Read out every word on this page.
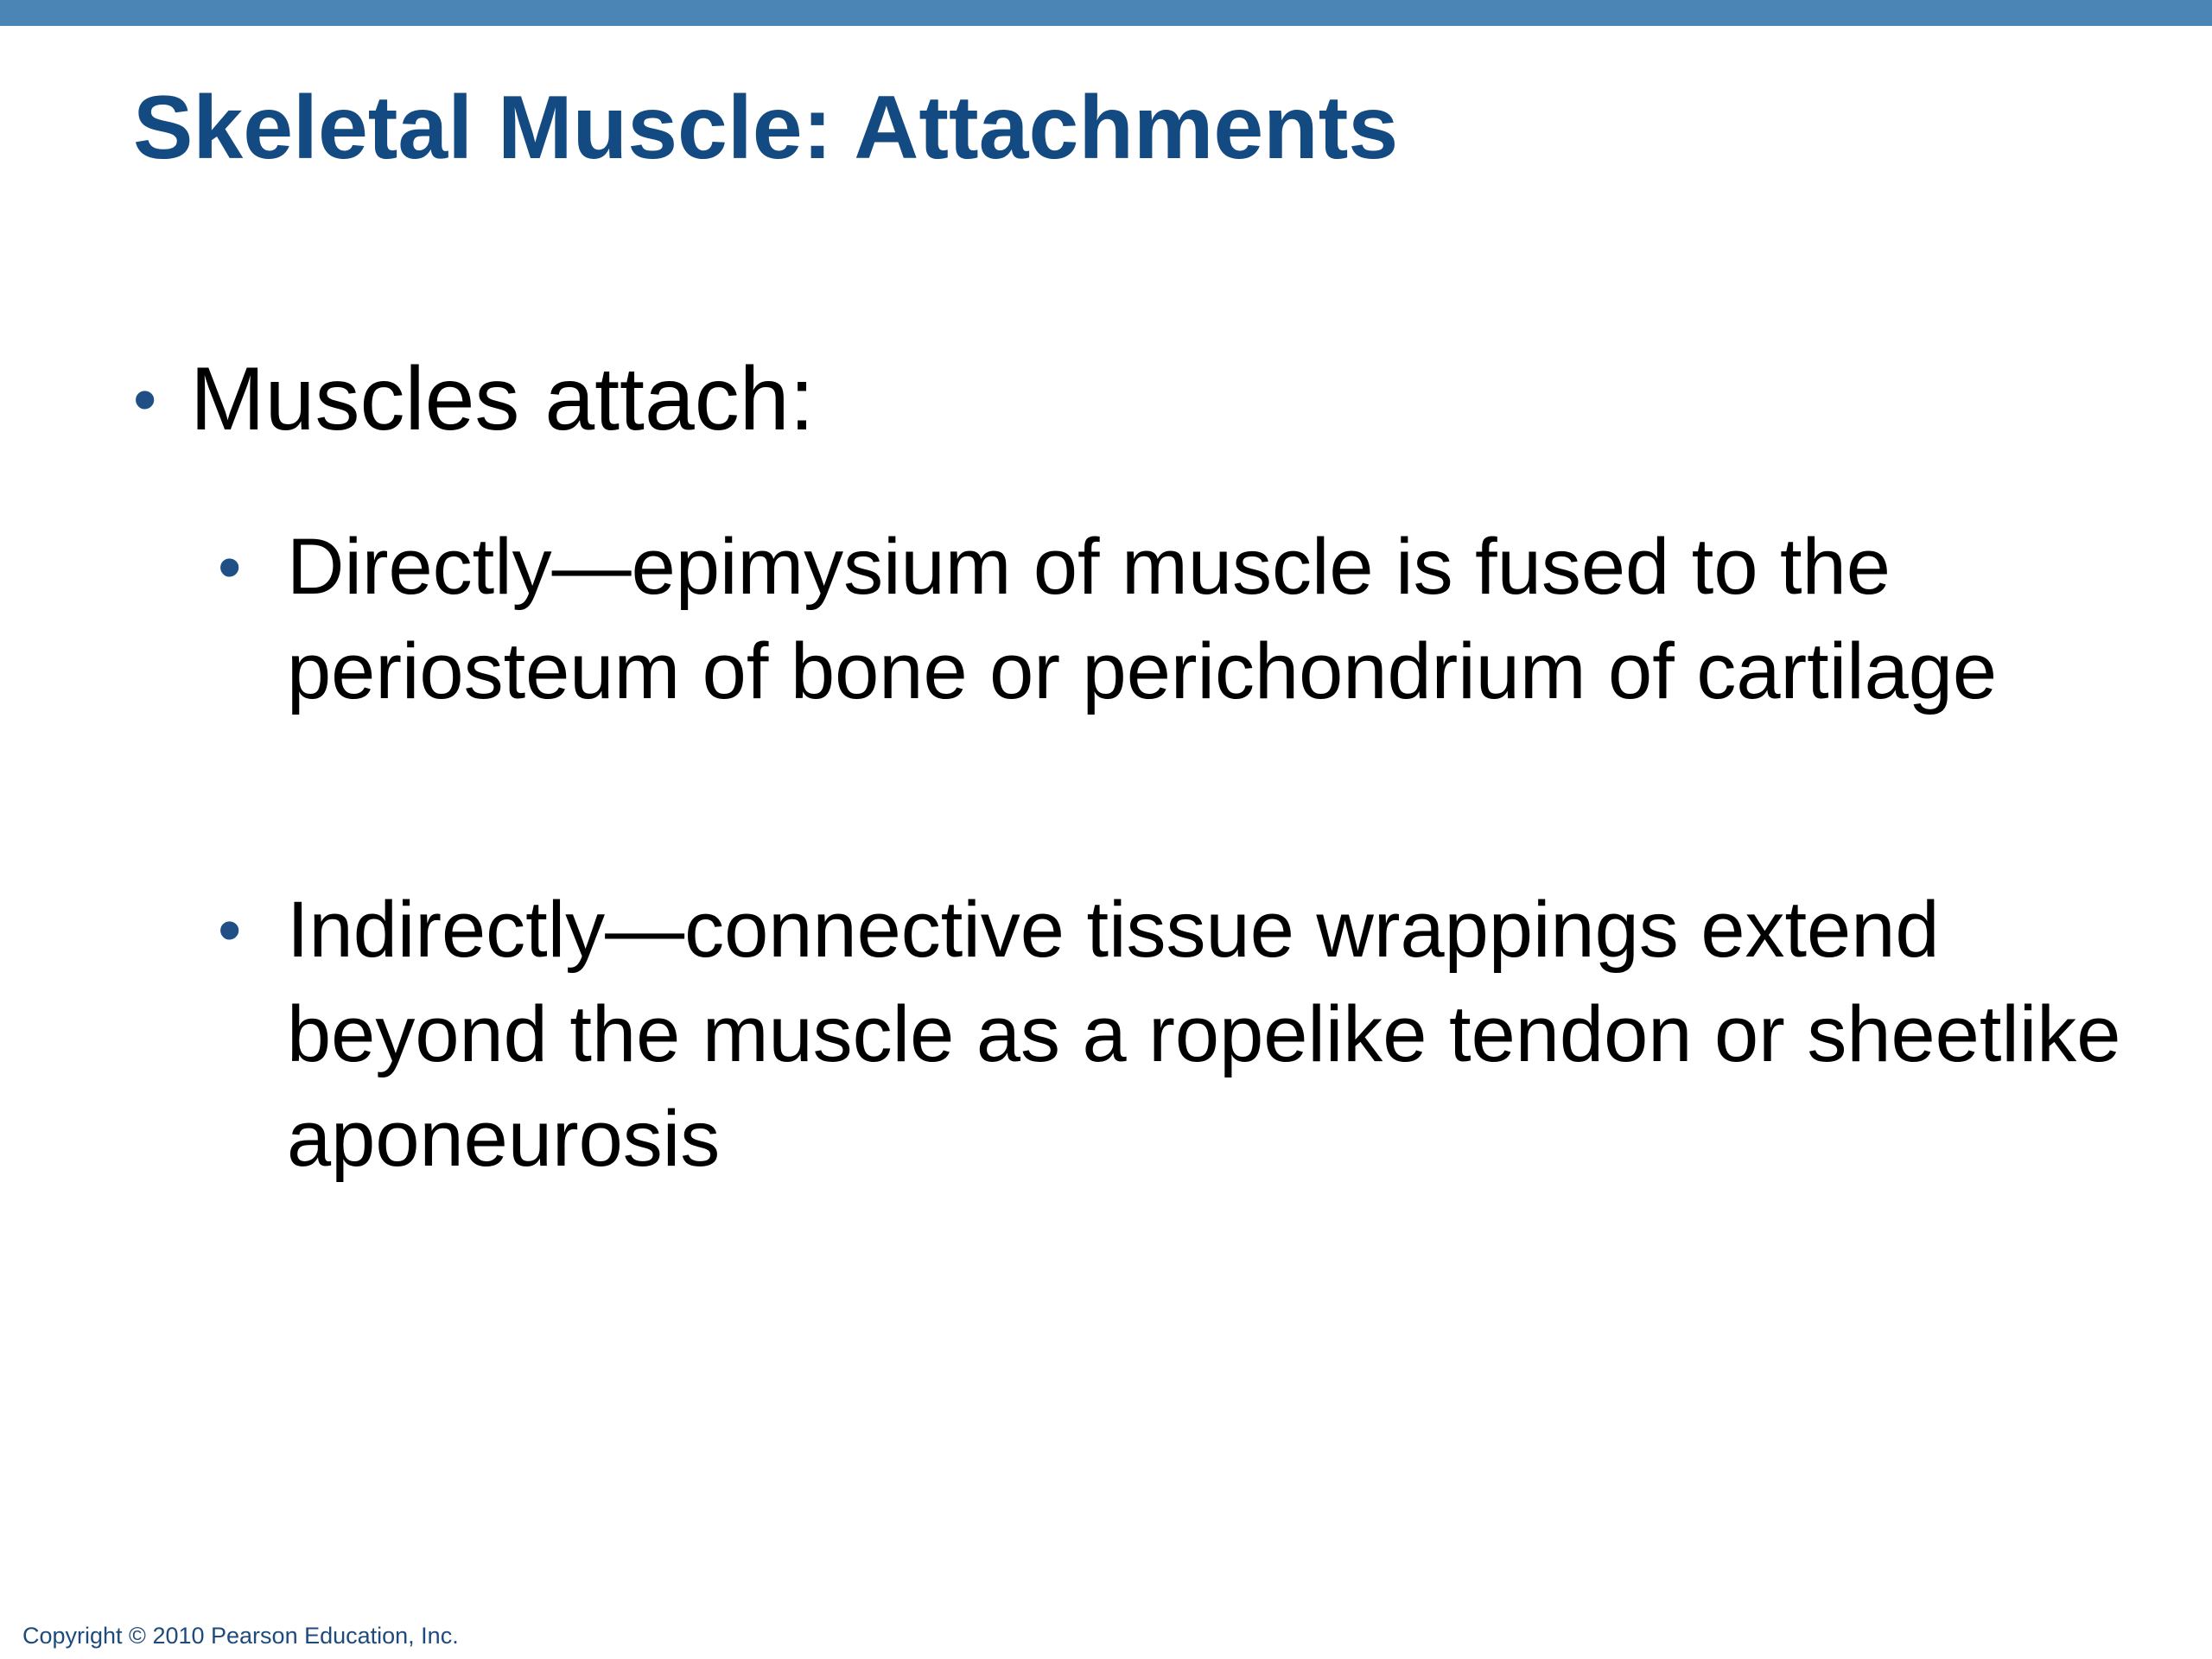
Skeletal Muscle: Attachments
• Muscles attach:
• Directly—epimysium of muscle is fused to the periosteum of bone or perichondrium of cartilage
• Indirectly—connective tissue wrappings extend beyond the muscle as a ropelike tendon or sheetlike aponeurosis
Copyright © 2010 Pearson Education, Inc.
